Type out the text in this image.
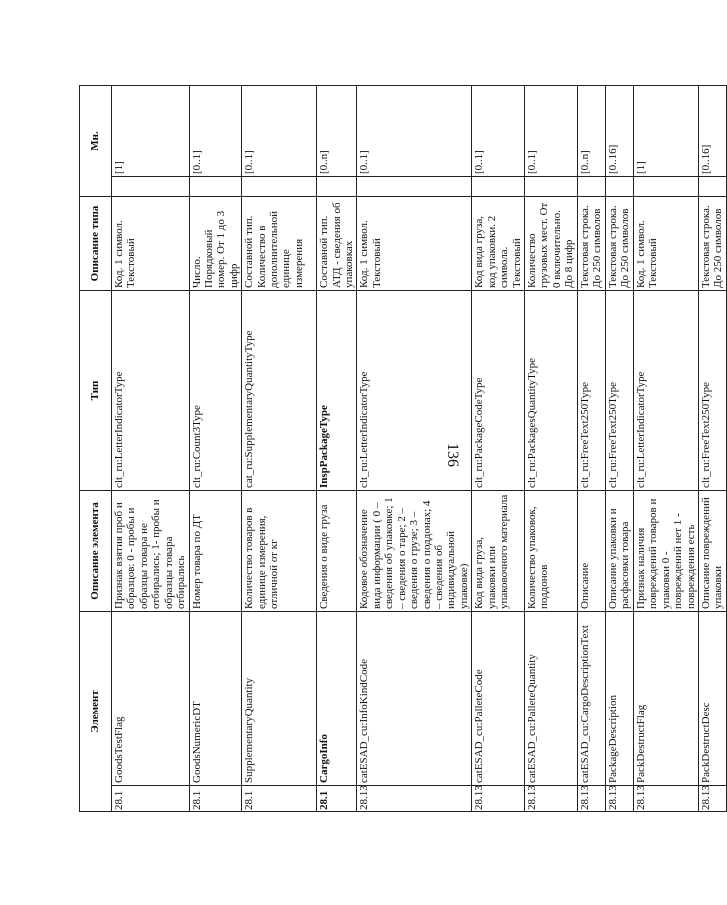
136
Элемент		Описание элемента	Тип	Описание типа	Мн.	
28.1	GoodsTestFlag	Признак взятия проб и образцов: 0 - пробы и образцы товара не отбирались; 1- пробы и образцы товара отбирались	clt_ru:LetterIndicatorType	Код. 1 символ. Текстовый		[1]
28.1	GoodsNumericDT	Номер товара по ДТ	clt_ru:Count3Type	Число. Порядковый номер. От 1 до 3 цифр		[0..1]
28.1	SupplementaryQuantity	Количество товаров в единице измерения, отличной от кг	cat_ru:SupplementaryQuantityType	Составной тип. Количество в дополнительной единице измерения		[0..1]
28.1	CargoInfo	Сведения о виде груза	InspPackageType	Составной тип. АТД - сведения об упаковках		[0..n]
28.13	catESAD_cu:InfoKindCode	Кодовое обозначение вида информации ( 0 – сведения об упаковке; 1 – сведения о таре; 2 – сведения о грузе; 3 – сведения о поддонах; 4 – сведения об индивидуальной упаковке)	clt_ru:LetterIndicatorType	Код. 1 символ. Текстовый		[0..1]
28.13	catESAD_cu:PalleteCode	Код вида груза, упаковки или упаковочного материала	clt_ru:PackageCodeType	Код вида груза, код упаковки. 2 символа. Текстовый		[0..1]
28.13	catESAD_cu:PalleteQuantity	Количество упаковок, поддонов	clt_ru:PackagesQuantityType	Количество грузовых мест. От 0 включительно. До 8 цифр		[0..1]
28.13	catESAD_cu:CargoDescriptionText	Описание	clt_ru:FreeText250Type	Текстовая строка. До 250 символов		[0..n]
28.13	PackageDescription	Описание упаковки и расфасовки товара	clt_ru:FreeText250Type	Текстовая строка. До 250 символов		[0..16]
28.13	PackDestructFlag	Признак наличия повреждений товаров и упаковки 0 - повреждений нет 1 - повреждения есть	clt_ru:LetterIndicatorType	Код. 1 символ. Текстовый		[1]
28.13	PackDestructDesc	Описание повреждений упаковки	clt_ru:FreeText250Type	Текстовая строка. До 250 символов		[0..16]
